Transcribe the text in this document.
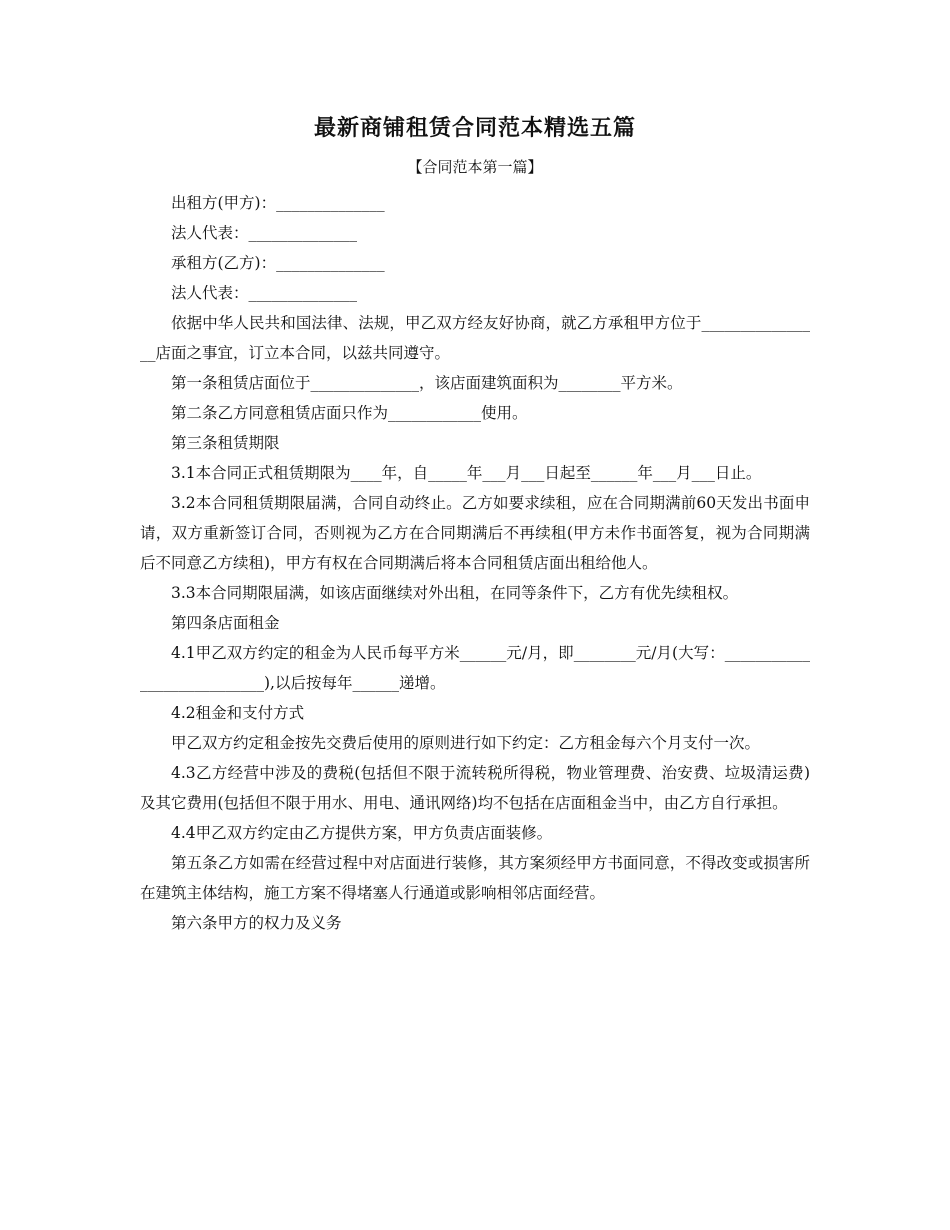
最新商铺租赁合同范本精选五篇
【合同范本第一篇】

出租方(甲方)：______________

法人代表：______________

承租方(乙方)：______________

法人代表：______________

依据中华人民共和国法律、法规，甲乙双方经友好协商，就乙方承租甲方位于________________店面之事宜，订立本合同，以兹共同遵守。

第一条租赁店面位于______________，该店面建筑面积为________平方米。

第二条乙方同意租赁店面只作为____________使用。

第三条租赁期限

3.1本合同正式租赁期限为____年，自_____年___月___日起至______年___月___日止。

3.2本合同租赁期限届满，合同自动终止。乙方如要求续租，应在合同期满前60天发出书面申请，双方重新签订合同，否则视为乙方在合同期满后不再续租(甲方未作书面答复，视为合同期满后不同意乙方续租)，甲方有权在合同期满后将本合同租赁店面出租给他人。

3.3本合同期限届满，如该店面继续对外出租，在同等条件下，乙方有优先续租权。

第四条店面租金

4.1甲乙双方约定的租金为人民币每平方米______元/月，即________元/月(大写：___________________________),以后按每年______递增。

4.2租金和支付方式

甲乙双方约定租金按先交费后使用的原则进行如下约定：乙方租金每六个月支付一次。

4.3乙方经营中涉及的费税(包括但不限于流转税所得税，物业管理费、治安费、垃圾清运费)及其它费用(包括但不限于用水、用电、通讯网络)均不包括在店面租金当中，由乙方自行承担。

4.4甲乙双方约定由乙方提供方案，甲方负责店面装修。

第五条乙方如需在经营过程中对店面进行装修，其方案须经甲方书面同意，不得改变或损害所在建筑主体结构，施工方案不得堵塞人行通道或影响相邻店面经营。

第六条甲方的权力及义务
